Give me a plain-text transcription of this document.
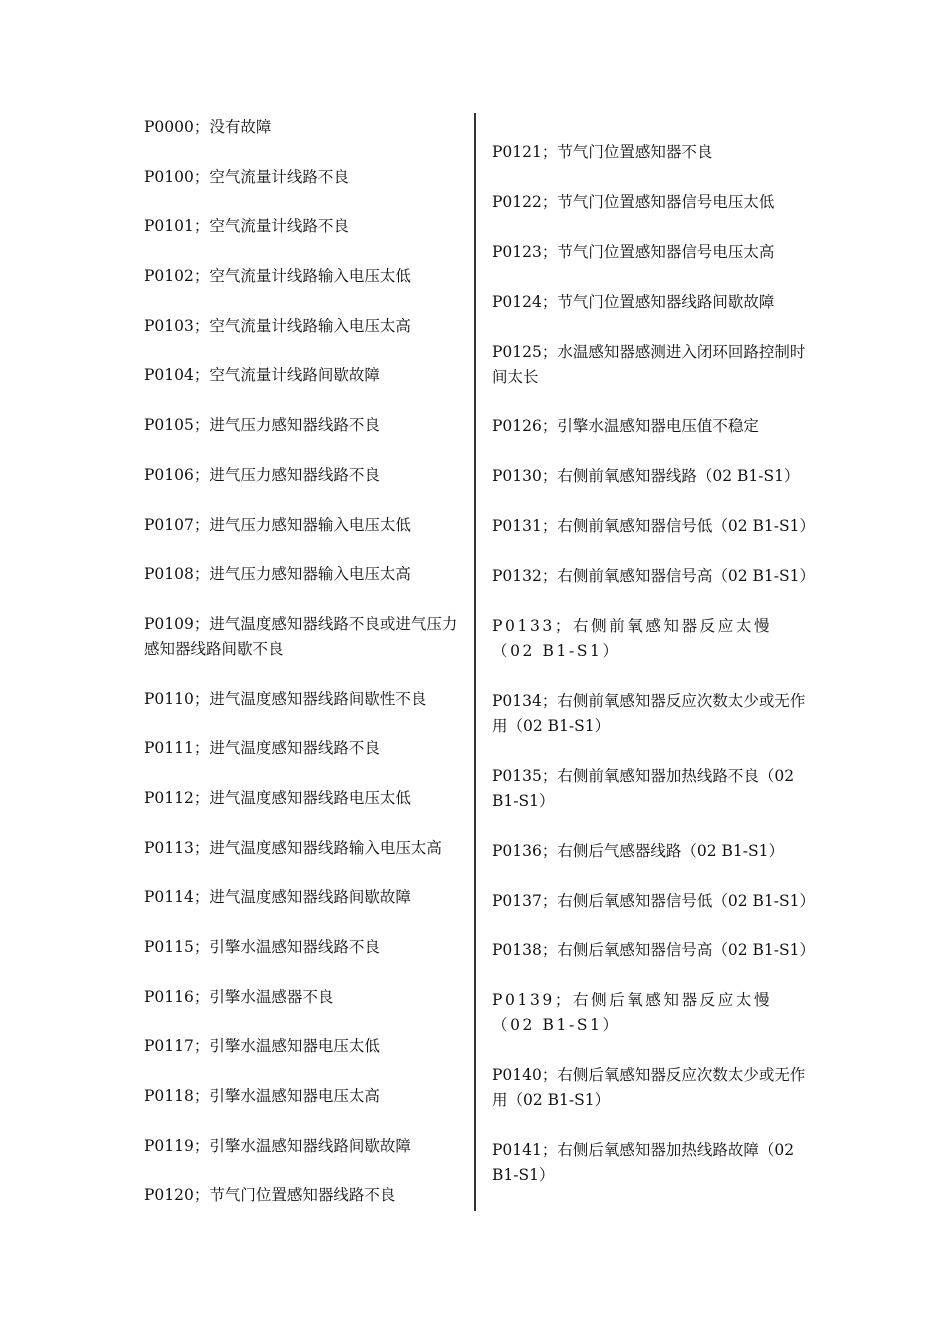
P0000；没有故障
P0100；空气流量计线路不良
P0101；空气流量计线路不良
P0102；空气流量计线路输入电压太低
P0103；空气流量计线路输入电压太高
P0104；空气流量计线路间歇故障
P0105；进气压力感知器线路不良
P0106；进气压力感知器线路不良
P0107；进气压力感知器输入电压太低
P0108；进气压力感知器输入电压太高
P0109；进气温度感知器线路不良或进气压力感知器线路间歇不良
P0110；进气温度感知器线路间歇性不良
P0111；进气温度感知器线路不良
P0112；进气温度感知器线路电压太低
P0113；进气温度感知器线路输入电压太高
P0114；进气温度感知器线路间歇故障
P0115；引擎水温感知器线路不良
P0116；引擎水温感器不良
P0117；引擎水温感知器电压太低
P0118；引擎水温感知器电压太高
P0119；引擎水温感知器线路间歇故障
P0120；节气门位置感知器线路不良
P0121；节气门位置感知器不良
P0122；节气门位置感知器信号电压太低
P0123；节气门位置感知器信号电压太高
P0124；节气门位置感知器线路间歇故障
P0125；水温感知器感测进入闭环回路控制时间太长
P0126；引擎水温感知器电压值不稳定
P0130；右侧前氧感知器线路（02 B1-S1）
P0131；右侧前氧感知器信号低（02 B1-S1）
P0132；右侧前氧感知器信号高（02 B1-S1）
P0133；右侧前氧感知器反应太慢（02 B1-S1）
P0134；右侧前氧感知器反应次数太少或无作用（02 B1-S1）
P0135；右侧前氧感知器加热线路不良（02 B1-S1）
P0136；右侧后气感器线路（02 B1-S1）
P0137；右侧后氧感知器信号低（02 B1-S1）
P0138；右侧后氧感知器信号高（02 B1-S1）
P0139；右侧后氧感知器反应太慢（02 B1-S1）
P0140；右侧后氧感知器反应次数太少或无作用（02 B1-S1）
P0141；右侧后氧感知器加热线路故障（02 B1-S1）
